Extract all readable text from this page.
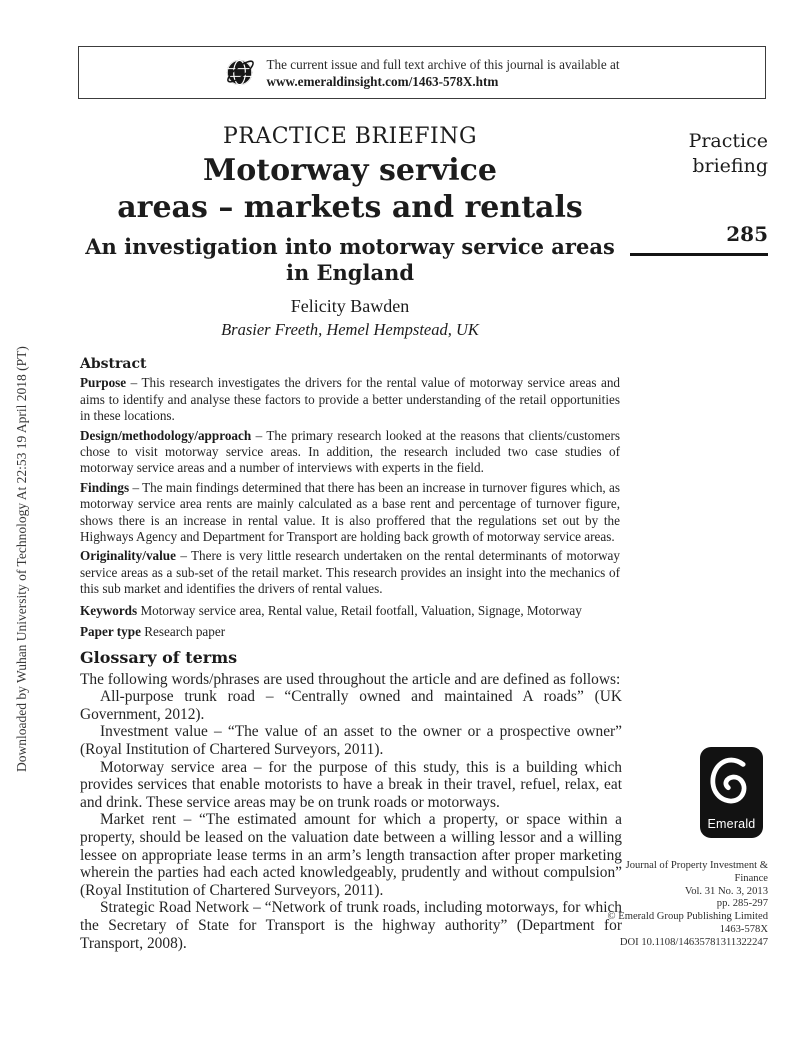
Downloaded by Wuhan University of Technology At 22:53 19 April 2018 (PT)
The current issue and full text archive of this journal is available at
www.emeraldinsight.com/1463-578X.htm
PRACTICE BRIEFING
Motorway service
areas – markets and rentals
An investigation into motorway service areas in England
Felicity Bawden
Brasier Freeth, Hemel Hempstead, UK
Practice
briefing
285
Abstract

Purpose – This research investigates the drivers for the rental value of motorway service areas and aims to identify and analyse these factors to provide a better understanding of the retail opportunities in these locations.

Design/methodology/approach – The primary research looked at the reasons that clients/customers chose to visit motorway service areas. In addition, the research included two case studies of motorway service areas and a number of interviews with experts in the field.

Findings – The main findings determined that there has been an increase in turnover figures which, as motorway service area rents are mainly calculated as a base rent and percentage of turnover figure, shows there is an increase in rental value. It is also proffered that the regulations set out by the Highways Agency and Department for Transport are holding back growth of motorway service areas.

Originality/value – There is very little research undertaken on the rental determinants of motorway service areas as a sub-set of the retail market. This research provides an insight into the mechanics of this sub market and identifies the drivers of rental values.

Keywords Motorway service area, Rental value, Retail footfall, Valuation, Signage, Motorway

Paper type Research paper

Glossary of terms

The following words/phrases are used throughout the article and are defined as follows:

All-purpose trunk road – “Centrally owned and maintained A roads” (UK Government, 2012).

Investment value – “The value of an asset to the owner or a prospective owner” (Royal Institution of Chartered Surveyors, 2011).

Motorway service area – for the purpose of this study, this is a building which provides services that enable motorists to have a break in their travel, refuel, relax, eat and drink. These service areas may be on trunk roads or motorways.

Market rent – “The estimated amount for which a property, or space within a property, should be leased on the valuation date between a willing lessor and a willing lessee on appropriate lease terms in an arm’s length transaction after proper marketing wherein the parties had each acted knowledgeably, prudently and without compulsion” (Royal Institution of Chartered Surveyors, 2011).

Strategic Road Network – “Network of trunk roads, including motorways, for which the Secretary of State for Transport is the highway authority” (Department for Transport, 2008).

Emerald
Journal of Property Investment &
Finance
Vol. 31 No. 3, 2013
pp. 285-297
© Emerald Group Publishing Limited
1463-578X
DOI 10.1108/14635781311322247
